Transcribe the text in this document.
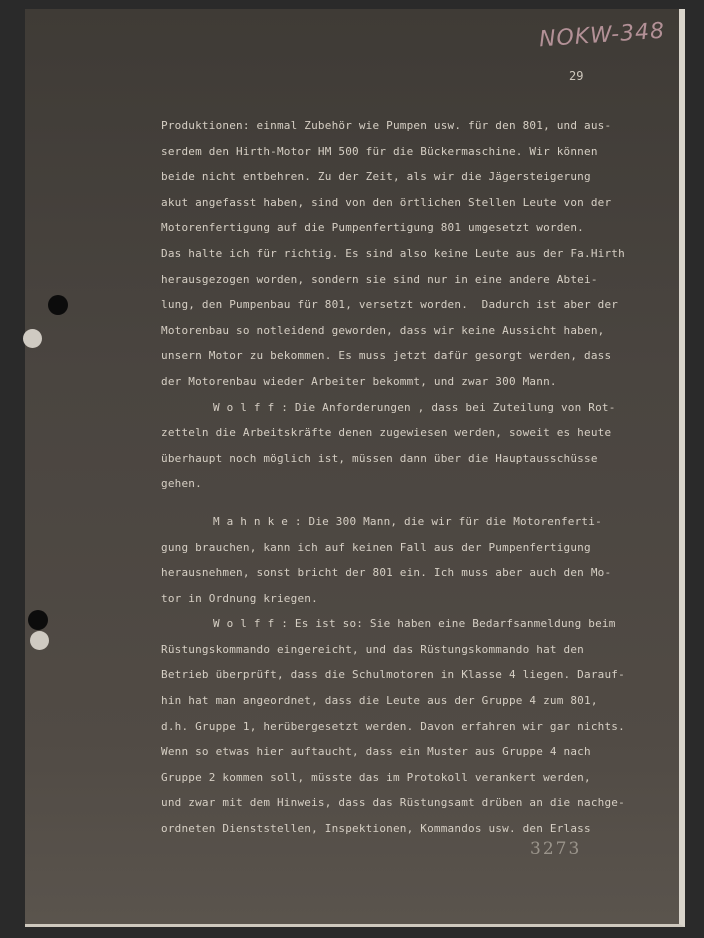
NOKW-348
29
Produktionen: einmal Zubehör wie Pumpen usw. für den 801, und aus-
serdem den Hirth-Motor HM 500 für die Bückermaschine. Wir können
beide nicht entbehren. Zu der Zeit, als wir die Jägersteigerung
akut angefasst haben, sind von den örtlichen Stellen Leute von der
Motorenfertigung auf die Pumpenfertigung 801 umgesetzt worden.
Das halte ich für richtig. Es sind also keine Leute aus der Fa.Hirth
herausgezogen worden, sondern sie sind nur in eine andere Abtei-
lung, den Pumpenbau für 801, versetzt worden.  Dadurch ist aber der
Motorenbau so notleidend geworden, dass wir keine Aussicht haben,
unsern Motor zu bekommen. Es muss jetzt dafür gesorgt werden, dass
der Motorenbau wieder Arbeiter bekommt, und zwar 300 Mann.
W o l f f : Die Anforderungen , dass bei Zuteilung von Rot-
zetteln die Arbeitskräfte denen zugewiesen werden, soweit es heute
überhaupt noch möglich ist, müssen dann über die Hauptausschüsse
gehen.
M a h n k e : Die 300 Mann, die wir für die Motorenferti-
gung brauchen, kann ich auf keinen Fall aus der Pumpenfertigung
herausnehmen, sonst bricht der 801 ein. Ich muss aber auch den Mo-
tor in Ordnung kriegen.
W o l f f : Es ist so: Sie haben eine Bedarfsanmeldung beim
Rüstungskommando eingereicht, und das Rüstungskommando hat den
Betrieb überprüft, dass die Schulmotoren in Klasse 4 liegen. Darauf-
hin hat man angeordnet, dass die Leute aus der Gruppe 4 zum 801,
d.h. Gruppe 1, herübergesetzt werden. Davon erfahren wir gar nichts.
Wenn so etwas hier auftaucht, dass ein Muster aus Gruppe 4 nach
Gruppe 2 kommen soll, müsste das im Protokoll verankert werden,
und zwar mit dem Hinweis, dass das Rüstungsamt drüben an die nachge-
ordneten Dienststellen, Inspektionen, Kommandos usw. den Erlass
3273
